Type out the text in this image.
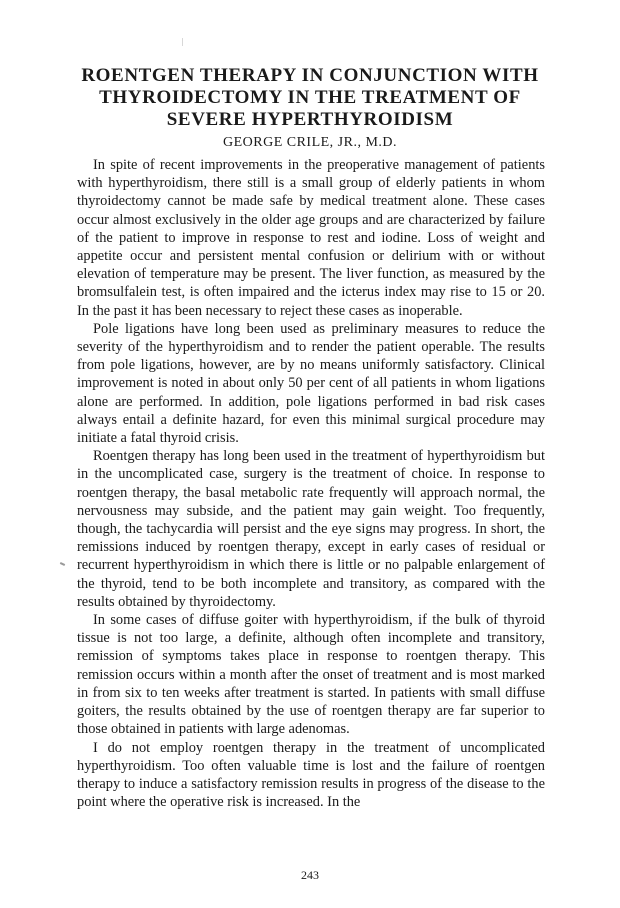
ROENTGEN THERAPY IN CONJUNCTION WITH
THYROIDECTOMY IN THE TREATMENT OF
SEVERE HYPERTHYROIDISM
GEORGE CRILE, JR., M.D.

In spite of recent improvements in the preoperative management of patients with hyperthyroidism, there still is a small group of elderly patients in whom thyroidectomy cannot be made safe by medical treatment alone. These cases occur almost exclusively in the older age groups and are characterized by failure of the patient to improve in response to rest and iodine. Loss of weight and appetite occur and persistent mental confusion or delirium with or without elevation of temperature may be present. The liver function, as measured by the bromsulfalein test, is often impaired and the icterus index may rise to 15 or 20. In the past it has been necessary to reject these cases as inoperable.

Pole ligations have long been used as preliminary measures to reduce the severity of the hyperthyroidism and to render the patient operable. The results from pole ligations, however, are by no means uniformly satisfactory. Clinical improvement is noted in about only 50 per cent of all patients in whom ligations alone are performed. In addition, pole ligations performed in bad risk cases always entail a definite hazard, for even this minimal surgical procedure may initiate a fatal thyroid crisis.

Roentgen therapy has long been used in the treatment of hyperthyroidism but in the uncomplicated case, surgery is the treatment of choice. In response to roentgen therapy, the basal metabolic rate frequently will approach normal, the nervousness may subside, and the patient may gain weight. Too frequently, though, the tachycardia will persist and the eye signs may progress. In short, the remissions induced by roentgen therapy, except in early cases of residual or recurrent hyperthyroidism in which there is little or no palpable enlargement of the thyroid, tend to be both incomplete and transitory, as compared with the results obtained by thyroidectomy.

In some cases of diffuse goiter with hyperthyroidism, if the bulk of thyroid tissue is not too large, a definite, although often incomplete and transitory, remission of symptoms takes place in response to roentgen therapy. This remission occurs within a month after the onset of treatment and is most marked in from six to ten weeks after treatment is started. In patients with small diffuse goiters, the results obtained by the use of roentgen therapy are far superior to those obtained in patients with large adenomas.

I do not employ roentgen therapy in the treatment of uncomplicated hyperthyroidism. Too often valuable time is lost and the failure of roentgen therapy to induce a satisfactory remission results in progress of the disease to the point where the operative risk is increased. In the

243
